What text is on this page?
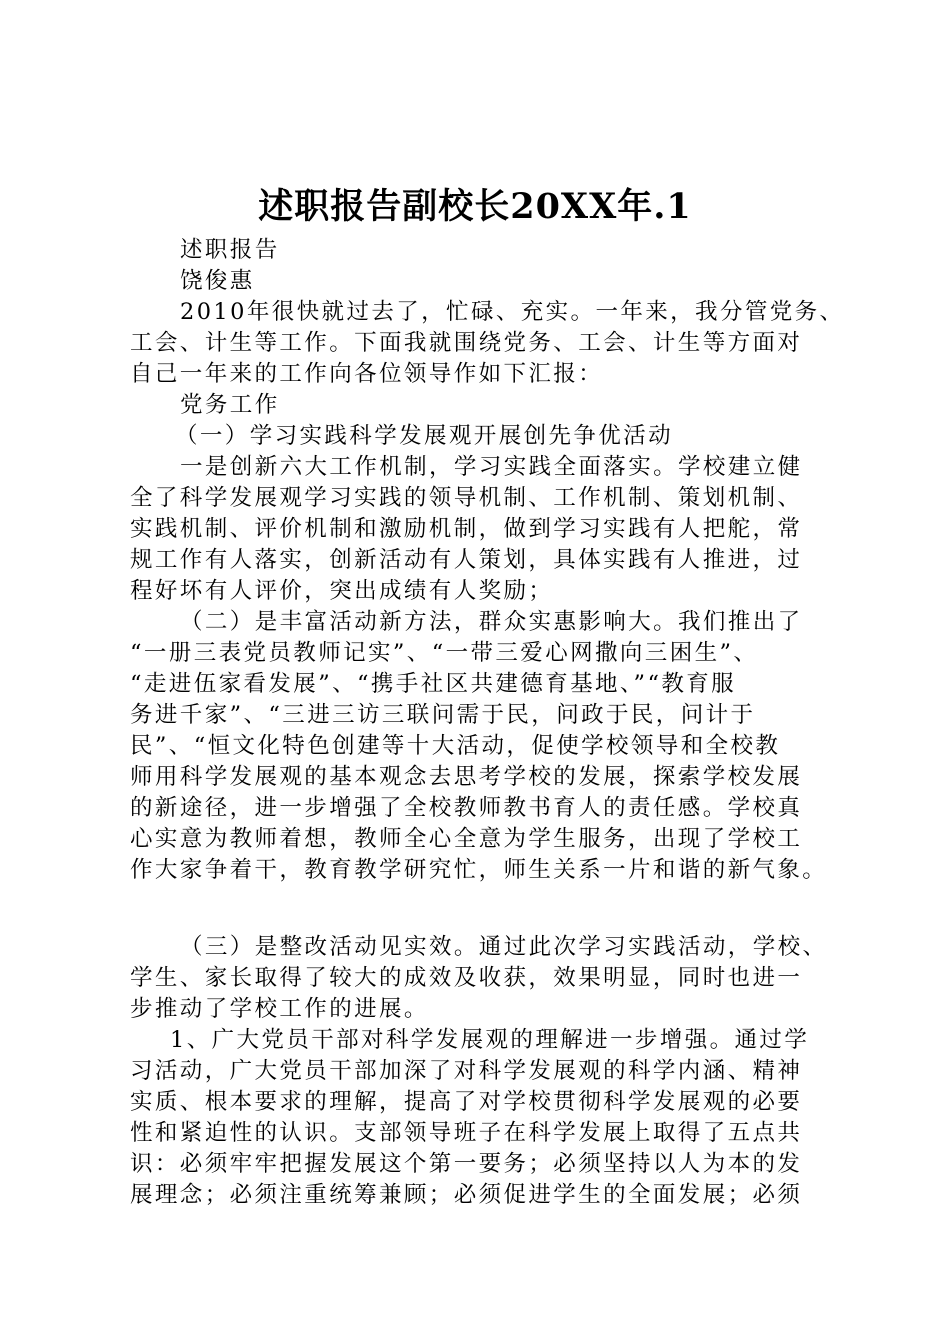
述职报告副校长20XX年.1
述职报告
饶俊惠
2010年很快就过去了，忙碌、充实。一年来，我分管党务、
工会、计生等工作。下面我就围绕党务、工会、计生等方面对
自己一年来的工作向各位领导作如下汇报：
党务工作
（一）学习实践科学发展观开展创先争优活动
一是创新六大工作机制，学习实践全面落实。学校建立健
全了科学发展观学习实践的领导机制、工作机制、策划机制、
实践机制、评价机制和激励机制，做到学习实践有人把舵，常
规工作有人落实，创新活动有人策划，具体实践有人推进，过
程好坏有人评价，突出成绩有人奖励；
（二）是丰富活动新方法，群众实惠影响大。我们推出了
“一册三表党员教师记实”、“一带三爱心网撒向三困生”、
“走进伍家看发展”、“携手社区共建德育基地、”“教育服
务进千家”、“三进三访三联问需于民，问政于民，问计于
民”、“恒文化特色创建等十大活动，促使学校领导和全校教
师用科学发展观的基本观念去思考学校的发展，探索学校发展
的新途径，进一步增强了全校教师教书育人的责任感。学校真
心实意为教师着想，教师全心全意为学生服务，出现了学校工
作大家争着干，教育教学研究忙，师生关系一片和谐的新气象。
（三）是整改活动见实效。通过此次学习实践活动，学校、
学生、家长取得了较大的成效及收获，效果明显，同时也进一
步推动了学校工作的进展。
1、广大党员干部对科学发展观的理解进一步增强。通过学
习活动，广大党员干部加深了对科学发展观的科学内涵、精神
实质、根本要求的理解，提高了对学校贯彻科学发展观的必要
性和紧迫性的认识。支部领导班子在科学发展上取得了五点共
识：必须牢牢把握发展这个第一要务；必须坚持以人为本的发
展理念；必须注重统筹兼顾；必须促进学生的全面发展；必须
